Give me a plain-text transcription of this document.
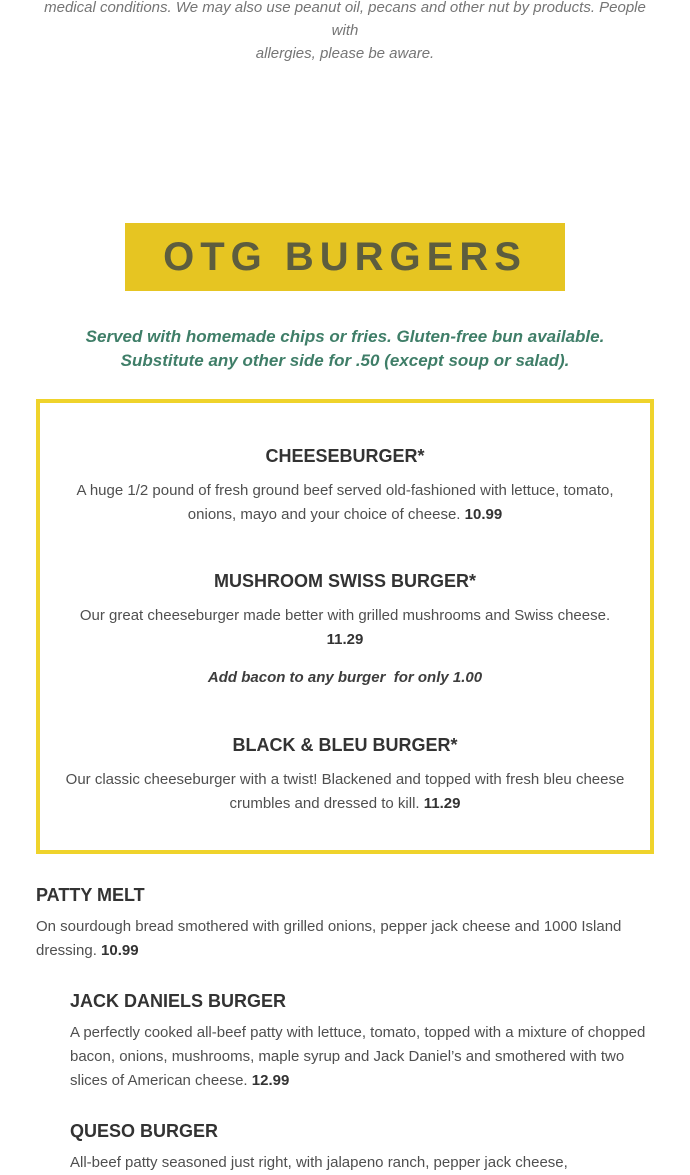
medical conditions. We may also use peanut oil, pecans and other nut by products. People with
allergies, please be aware.
OTG BURGERS
Served with homemade chips or fries. Gluten-free bun available.
Substitute any other side for .50 (except soup or salad).
CHEESEBURGER*

A huge 1/2 pound of fresh ground beef served old-fashioned with lettuce, tomato, onions, mayo and your choice of cheese. 10.99

MUSHROOM SWISS BURGER*

Our great cheeseburger made better with grilled mushrooms and Swiss cheese. 11.29

Add bacon to any burger  for only 1.00

BLACK & BLEU BURGER*

Our classic cheeseburger with a twist! Blackened and topped with fresh bleu cheese crumbles and dressed to kill. 11.29

PATTY MELT

On sourdough bread smothered with grilled onions, pepper jack cheese and 1000 Island dressing. 10.99

JACK DANIELS BURGER

A perfectly cooked all-beef patty with lettuce, tomato, topped with a mixture of chopped bacon, onions, mushrooms, maple syrup and Jack Daniel’s and smothered with two slices of American cheese. 12.99

QUESO BURGER

All-beef patty seasoned just right, with jalapeno ranch, pepper jack cheese,
